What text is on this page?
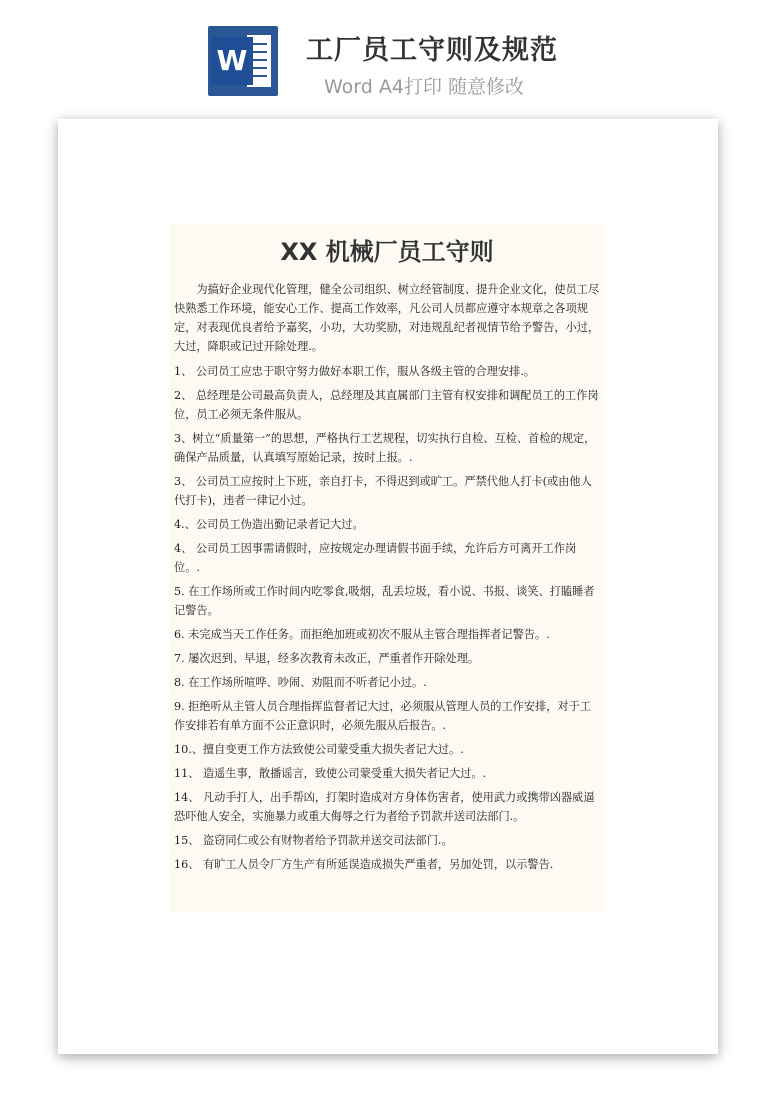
W 工厂员工守则及规范
Word A4打印 随意修改
XX 机械厂员工守则

为搞好企业现代化管理，健全公司组织、树立经管制度、提升企业文化，使员工尽快熟悉工作环境，能安心工作、提高工作效率，凡公司人员都应遵守本规章之各项规定，对表现优良者给予嘉奖，小功，大功奖励，对违规乱纪者视情节给予警告，小过，大过，降职或记过开除处理.。

1、 公司员工应忠于职守努力做好本职工作，服从各级主管的合理安排.。

2、 总经理是公司最高负责人，总经理及其直属部门主管有权安排和调配员工的工作岗位，员工必须无条件服从。

3、树立“质量第一”的思想，严格执行工艺规程，切实执行自检、互检、首检的规定，确保产品质量，认真填写原始记录，按时上报。.

3、 公司员工应按时上下班，亲自打卡，不得迟到或旷工。严禁代他人打卡(或由他人代打卡)，违者一律记小过。

4.、公司员工伪造出勤记录者记大过。

4、 公司员工因事需请假时，应按规定办理请假书面手续，允许后方可离开工作岗位。.

5. 在工作场所或工作时间内吃零食,吸烟，乱丢垃圾，看小说、书报、谈笑、打瞌睡者记警告。

6. 未完成当天工作任务。而拒绝加班或初次不服从主管合理指挥者记警告。.

7. 屡次迟到、早退，经多次教育未改正，严重者作开除处理。

8. 在工作场所喧哗、吵闹、劝阻而不听者记小过。.

9. 拒绝听从主管人员合理指挥监督者记大过，必须服从管理人员的工作安排，对于工作安排若有单方面不公正意识时，必须先服从后报告。.

10.、擅自变更工作方法致使公司蒙受重大损失者记大过。.

11、 造遥生事，散播谣言，致使公司蒙受重大损失者记大过。.

14、 凡动手打人，出手帮凶，打架时造成对方身体伤害者，使用武力或携带凶器威逼恐吓他人安全，实施暴力或重大侮辱之行为者给予罚款并送司法部门.。

15、 盗窃同仁或公有财物者给予罚款并送交司法部门.。

16、 有旷工人员令厂方生产有所延误造成损失严重者，另加处罚，以示警告.
